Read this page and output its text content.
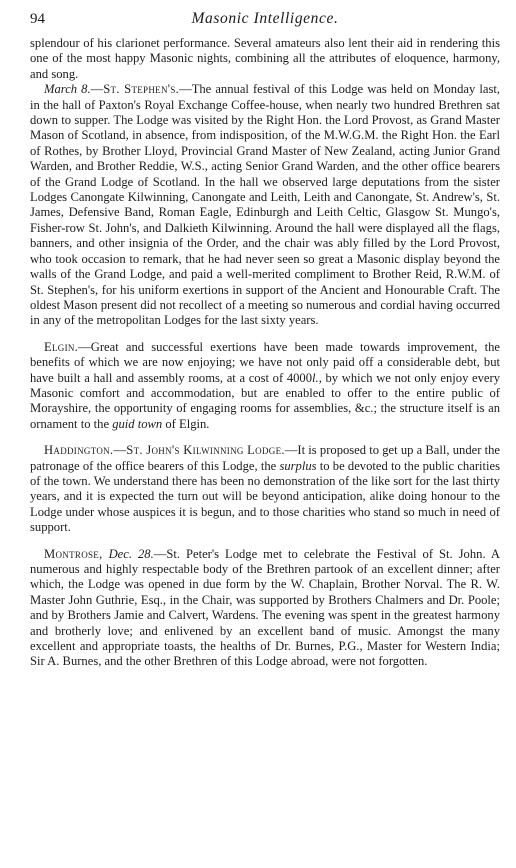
94	Masonic Intelligence.

splendour of his clarionet performance. Several amateurs also lent their aid in rendering this one of the most happy Masonic nights, combining all the attributes of eloquence, harmony, and song.

March 8.—St. Stephen's.—The annual festival of this Lodge was held on Monday last, in the hall of Paxton's Royal Exchange Coffee-house, when nearly two hundred Brethren sat down to supper. The Lodge was visited by the Right Hon. the Lord Provost, as Grand Master Mason of Scotland, in absence, from indisposition, of the M.W.G.M. the Right Hon. the Earl of Rothes, by Brother Lloyd, Provincial Grand Master of New Zealand, acting Junior Grand Warden, and Brother Reddie, W.S., acting Senior Grand Warden, and the other office bearers of the Grand Lodge of Scotland. In the hall we observed large deputations from the sister Lodges Canongate Kilwinning, Canongate and Leith, Leith and Canongate, St. Andrew's, St. James, Defensive Band, Roman Eagle, Edinburgh and Leith Celtic, Glasgow St. Mungo's, Fisher-row St. John's, and Dalkieth Kilwinning. Around the hall were displayed all the flags, banners, and other insignia of the Order, and the chair was ably filled by the Lord Provost, who took occasion to remark, that he had never seen so great a Masonic display beyond the walls of the Grand Lodge, and paid a well-merited compliment to Brother Reid, R.W.M. of St. Stephen's, for his uniform exertions in support of the Ancient and Honourable Craft. The oldest Mason present did not recollect of a meeting so numerous and cordial having occurred in any of the metropolitan Lodges for the last sixty years.

Elgin.—Great and successful exertions have been made towards improvement, the benefits of which we are now enjoying; we have not only paid off a considerable debt, but have built a hall and assembly rooms, at a cost of 4000l., by which we not only enjoy every Masonic comfort and accommodation, but are enabled to offer to the entire public of Morayshire, the opportunity of engaging rooms for assemblies, &c.; the structure itself is an ornament to the guid town of Elgin.

Haddington.—St. John's Kilwinning Lodge.—It is proposed to get up a Ball, under the patronage of the office bearers of this Lodge, the surplus to be devoted to the public charities of the town. We understand there has been no demonstration of the like sort for the last thirty years, and it is expected the turn out will be beyond anticipation, alike doing honour to the Lodge under whose auspices it is begun, and to those charities who stand so much in need of support.

Montrose, Dec. 28.—St. Peter's Lodge met to celebrate the Festival of St. John. A numerous and highly respectable body of the Brethren partook of an excellent dinner; after which, the Lodge was opened in due form by the W. Chaplain, Brother Norval. The R. W. Master John Guthrie, Esq., in the Chair, was supported by Brothers Chalmers and Dr. Poole; and by Brothers Jamie and Calvert, Wardens. The evening was spent in the greatest harmony and brotherly love; and enlivened by an excellent band of music. Amongst the many excellent and appropriate toasts, the healths of Dr. Burnes, P.G., Master for Western India; Sir A. Burnes, and the other Brethren of this Lodge abroad, were not forgotten.
